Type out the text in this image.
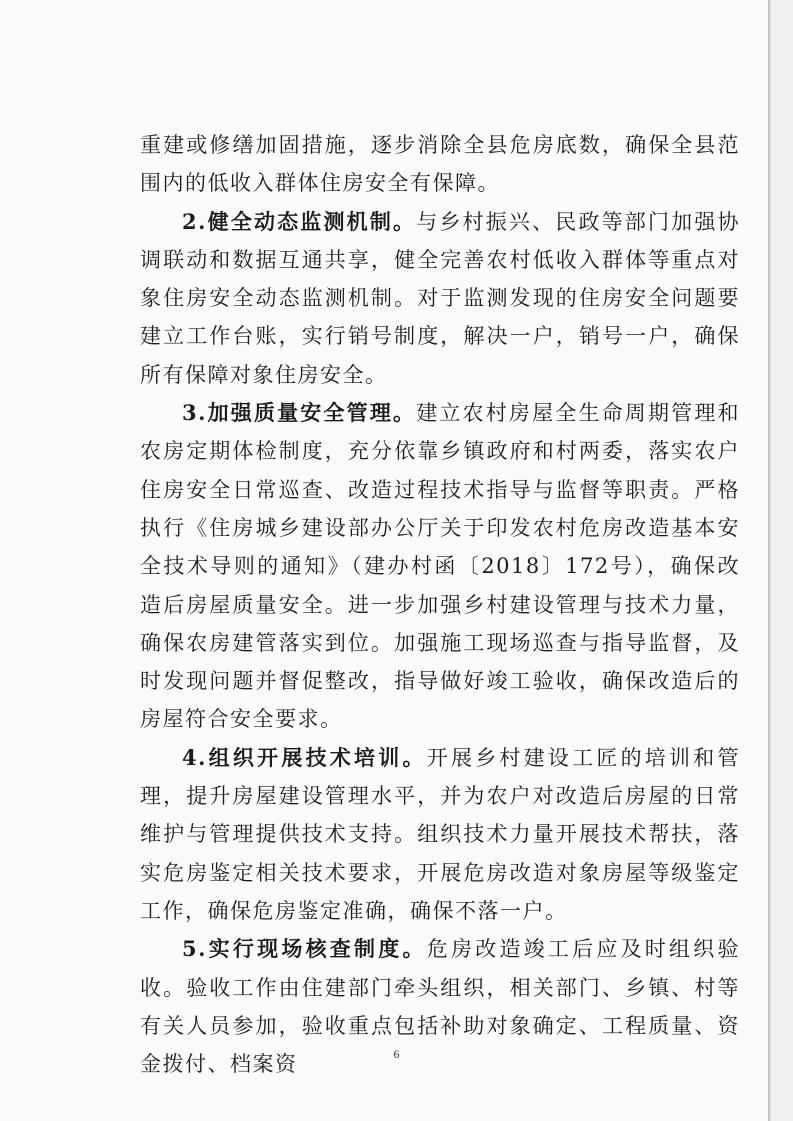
重建或修缮加固措施，逐步消除全县危房底数，确保全县范围内的低收入群体住房安全有保障。

2.健全动态监测机制。与乡村振兴、民政等部门加强协调联动和数据互通共享，健全完善农村低收入群体等重点对象住房安全动态监测机制。对于监测发现的住房安全问题要建立工作台账，实行销号制度，解决一户，销号一户，确保所有保障对象住房安全。

3.加强质量安全管理。建立农村房屋全生命周期管理和农房定期体检制度，充分依靠乡镇政府和村两委，落实农户住房安全日常巡查、改造过程技术指导与监督等职责。严格执行《住房城乡建设部办公厅关于印发农村危房改造基本安全技术导则的通知》（建办村函〔2018〕172号），确保改造后房屋质量安全。进一步加强乡村建设管理与技术力量，确保农房建管落实到位。加强施工现场巡查与指导监督，及时发现问题并督促整改，指导做好竣工验收，确保改造后的房屋符合安全要求。

4.组织开展技术培训。开展乡村建设工匠的培训和管理，提升房屋建设管理水平，并为农户对改造后房屋的日常维护与管理提供技术支持。组织技术力量开展技术帮扶，落实危房鉴定相关技术要求，开展危房改造对象房屋等级鉴定工作，确保危房鉴定准确，确保不落一户。

5.实行现场核查制度。危房改造竣工后应及时组织验收。验收工作由住建部门牵头组织，相关部门、乡镇、村等有关人员参加，验收重点包括补助对象确定、工程质量、资金拨付、档案资	6
